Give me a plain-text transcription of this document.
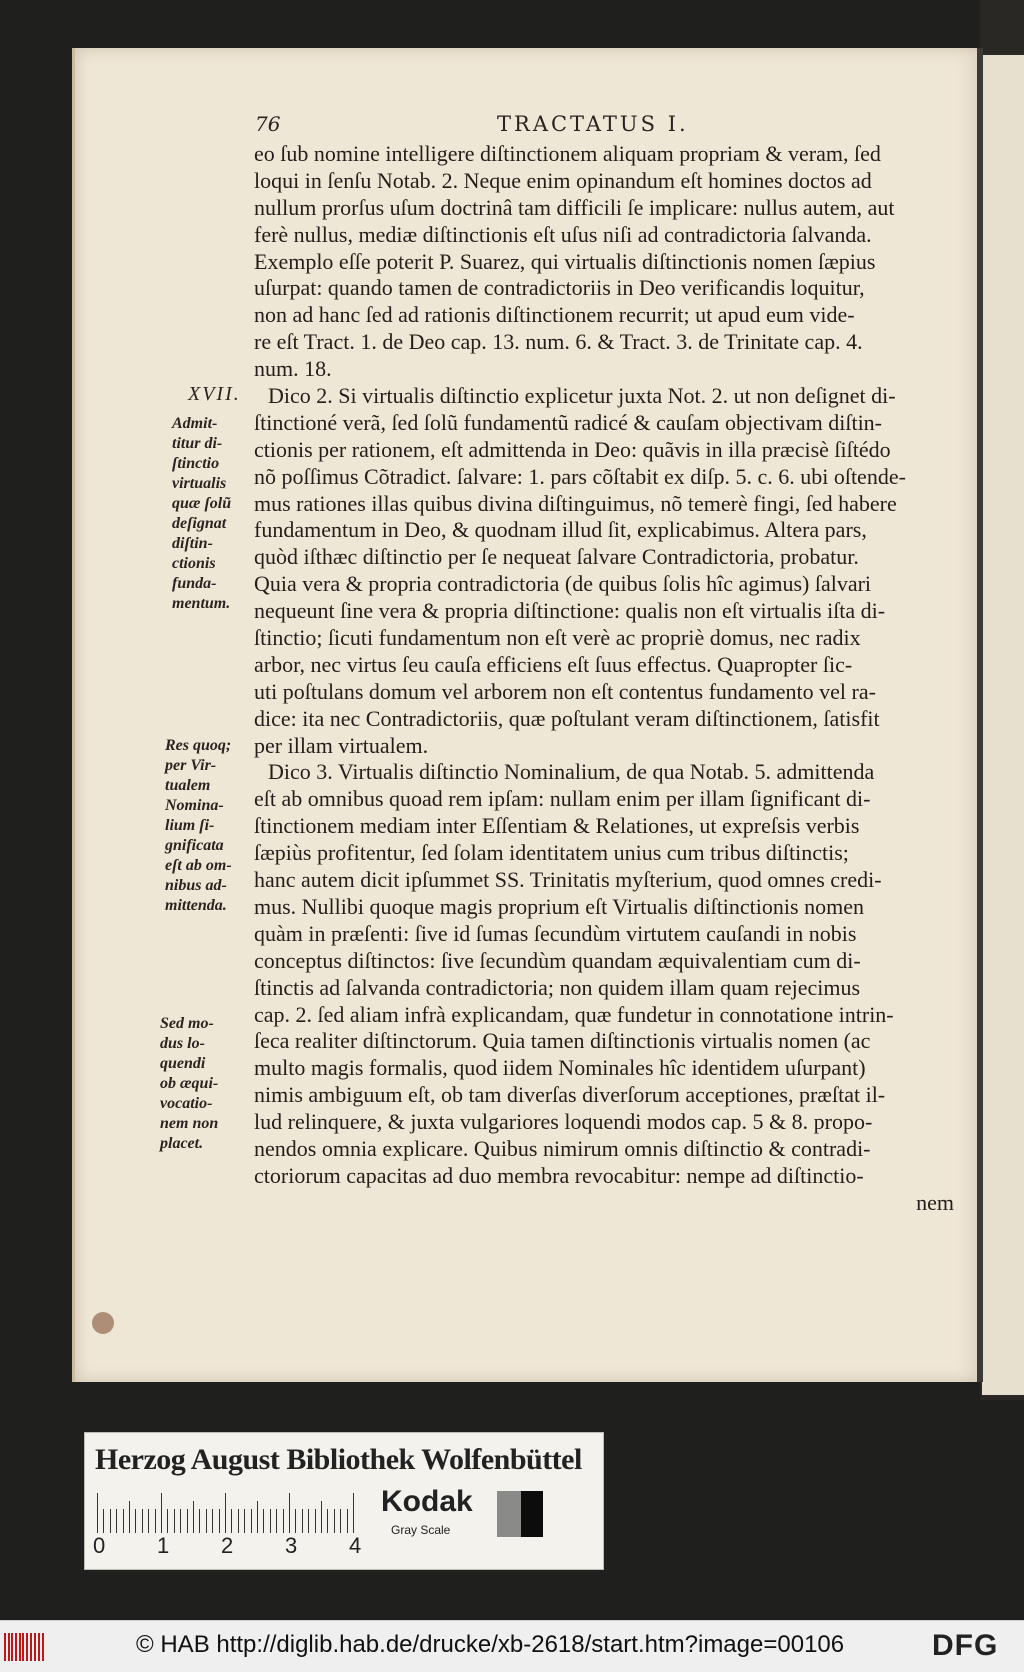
76	TRACTATUS I.
XVII.
eo ſub nomine intelligere diſtinctionem aliquam propriam & veram, ſed
loqui in ſenſu Notab. 2. Neque enim opinandum eſt homines doctos ad
nullum prorſus uſum doctrinâ tam difficili ſe implicare: nullus autem, aut
ferè nullus, mediæ diſtinctionis eſt uſus niſi ad contradictoria ſalvanda.
Exemplo eſſe poterit P. Suarez, qui virtualis diſtinctionis nomen ſæpius
uſurpat: quando tamen de contradictoriis in Deo verificandis loquitur,
non ad hanc ſed ad rationis diſtinctionem recurrit; ut apud eum vide-
re eſt Tract. 1. de Deo cap. 13. num. 6. & Tract. 3. de Trinitate cap. 4.
num. 18.
Dico 2. Si virtualis diſtinctio explicetur juxta Not. 2. ut non deſignet di-
ſtinctioné verã, ſed ſolũ fundamentũ radicé & cauſam objectivam diſtin-
ctionis per rationem, eſt admittenda in Deo: quãvis in illa præcisè ſiſtédo
nõ poſſimus Cõtradict. ſalvare: 1. pars cõſtabit ex diſp. 5. c. 6. ubi oſtende-
mus rationes illas quibus divina diſtinguimus, nõ temerè fingi, ſed habere
fundamentum in Deo, & quodnam illud ſit, explicabimus. Altera pars,
quòd iſthæc diſtinctio per ſe nequeat ſalvare Contradictoria, probatur.
Quia vera & propria contradictoria (de quibus ſolis hîc agimus) ſalvari
nequeunt ſine vera & propria diſtinctione: qualis non eſt virtualis iſta di-
ſtinctio; ſicuti fundamentum non eſt verè ac propriè domus, nec radix
arbor, nec virtus ſeu cauſa efficiens eſt ſuus effectus. Quapropter ſic-
uti poſtulans domum vel arborem non eſt contentus fundamento vel ra-
dice: ita nec Contradictoriis, quæ poſtulant veram diſtinctionem, ſatisfit
per illam virtualem.
Dico 3. Virtualis diſtinctio Nominalium, de qua Notab. 5. admittenda
eſt ab omnibus quoad rem ipſam: nullam enim per illam ſignificant di-
ſtinctionem mediam inter Eſſentiam & Relationes, ut expreſsis verbis
ſæpiùs profitentur, ſed ſolam identitatem unius cum tribus diſtinctis;
hanc autem dicit ipſummet SS. Trinitatis myſterium, quod omnes credi-
mus. Nullibi quoque magis proprium eſt Virtualis diſtinctionis nomen
quàm in præſenti: ſive id ſumas ſecundùm virtutem cauſandi in nobis
conceptus diſtinctos: ſive ſecundùm quandam æquivalentiam cum di-
ſtinctis ad ſalvanda contradictoria; non quidem illam quam rejecimus
cap. 2. ſed aliam infrà explicandam, quæ fundetur in connotatione intrin-
ſeca realiter diſtinctorum. Quia tamen diſtinctionis virtualis nomen (ac
multo magis formalis, quod iidem Nominales hîc identidem uſurpant)
nimis ambiguum eſt, ob tam diverſas diverſorum acceptiones, præſtat il-
lud relinquere, & juxta vulgariores loquendi modos cap. 5 & 8. propo-
nendos omnia explicare. Quibus nimirum omnis diſtinctio & contradi-
ctoriorum capacitas ad duo membra revocabitur: nempe ad diſtinctio-
nem
Admit-
titur di-
ſtinctio
virtualis
quæ ſolũ
deſignat
diſtin-
ctionis
funda-
mentum.
Res quoq;
per Vir-
tualem
Nomina-
lium ſi-
gnificata
eſt ab om-
nibus ad-
mittenda.
Sed mo-
dus lo-
quendi
ob æqui-
vocatio-
nem non
placet.
Herzog August Bibliothek Wolfenbüttel
0 1 2 3 4
Kodak
Gray Scale
© HAB http://diglib.hab.de/drucke/xb-2618/start.htm?image=00106	DFG
